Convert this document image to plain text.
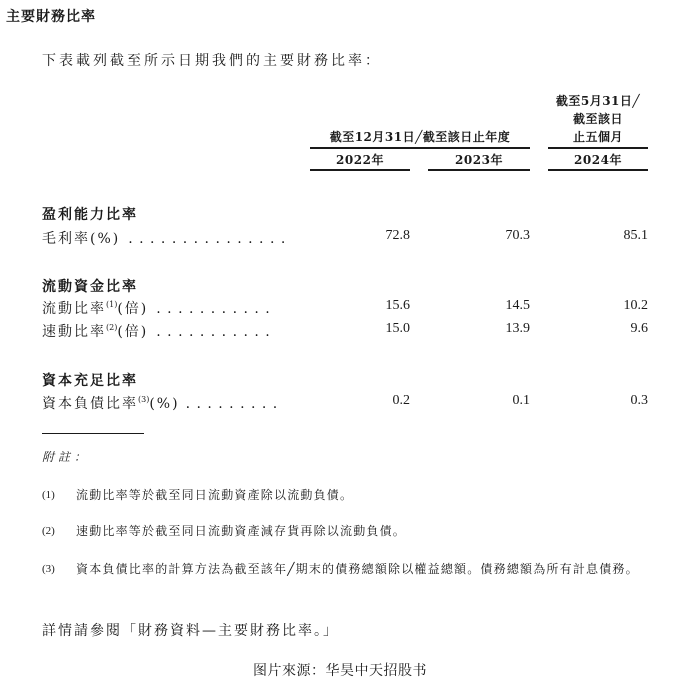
主要財務比率
下表載列截至所示日期我們的主要財務比率：
截至5月31日╱
截至該日
止五個月
截至12月31日╱截至該日止年度
2022年	2023年	2024年
盈利能力比率
毛利率(%) . . . . . . . . . . . . . . .	72.8	70.3	85.1
流動資金比率
流動比率$^{(1)}$(倍) . . . . . . . . . . .	15.6	14.5	10.2
速動比率$^{(2)}$(倍) . . . . . . . . . . .	15.0	13.9	9.6
資本充足比率
資本負債比率$^{(3)}$(%) . . . . . . . . .	0.2	0.1	0.3
附註：
(1) 流動比率等於截至同日流動資產除以流動負債。
(2) 速動比率等於截至同日流動資產減存貨再除以流動負債。
(3) 資本負債比率的計算方法為截至該年╱期末的債務總額除以權益總額。債務總額為所有計息債務。
詳情請參閱「財務資料—主要財務比率。」
图片來源：华昊中天招股书
